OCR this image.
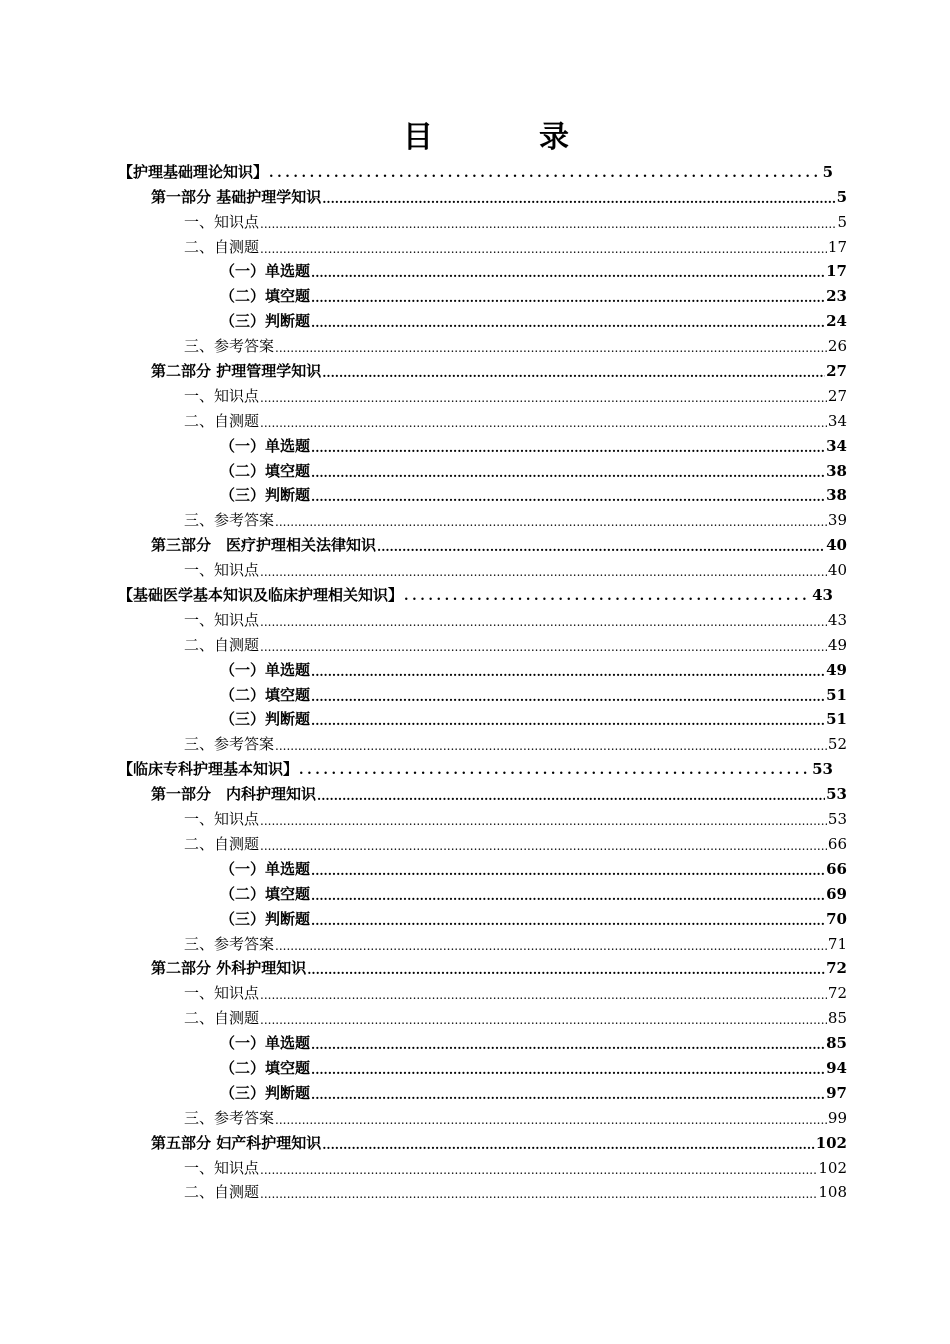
目　录
【护理基础理论知识】 .....	5
第一部分 基础护理学知识 .....	5
一、知识点 .....	5
二、自测题 .....	17
（一）单选题 .....	17
（二）填空题 .....	23
（三）判断题 .....	24
三、参考答案 .....	26
第二部分 护理管理学知识 .....	27
一、知识点 .....	27
二、自测题 .....	34
（一）单选题 .....	34
（二）填空题 .....	38
（三）判断题 .....	38
三、参考答案 .....	39
第三部分　医疗护理相关法律知识 .....	40
一、知识点 .....	40
【基础医学基本知识及临床护理相关知识】 .....	43
一、知识点 .....	43
二、自测题 .....	49
（一）单选题 .....	49
（二）填空题 .....	51
（三）判断题 .....	51
三、参考答案 .....	52
【临床专科护理基本知识】 .....	53
第一部分　内科护理知识 .....	53
一、知识点 .....	53
二、自测题 .....	66
（一）单选题 .....	66
（二）填空题 .....	69
（三）判断题 .....	70
三、参考答案 .....	71
第二部分 外科护理知识 .....	72
一、知识点 .....	72
二、自测题 .....	85
（一）单选题 .....	85
（二）填空题 .....	94
（三）判断题 .....	97
三、参考答案 .....	99
第五部分 妇产科护理知识 .....	102
一、知识点 .....	102
二、自测题 .....	108
